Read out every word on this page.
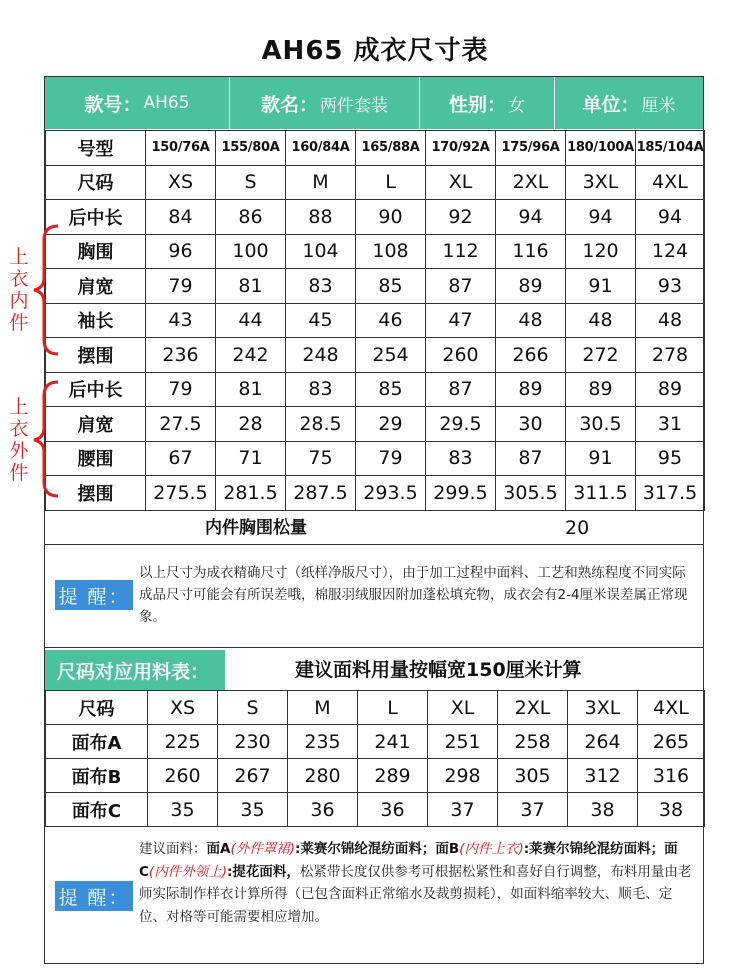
AH65 成衣尺寸表
款号： AH65	款名： 两件套装	性别： 女	单位： 厘米
号型	150/76A	155/80A	160/84A	165/88A	170/92A	175/96A	180/100A	185/104A
尺码	XS	S	M	L	XL	2XL	3XL	4XL
后中长	84	86	88	90	92	94	94	94
胸围	96	100	104	108	112	116	120	124
肩宽	79	81	83	85	87	89	91	93
袖长	43	44	45	46	47	48	48	48
摆围	236	242	248	254	260	266	272	278
后中长	79	81	83	85	87	89	89	89
肩宽	27.5	28	28.5	29	29.5	30	30.5	31
腰围	67	71	75	79	83	87	91	95
摆围	275.5	281.5	287.5	293.5	299.5	305.5	311.5	317.5
上衣内件
上衣外件
内件胸围松量	20
提 醒：
以上尺寸为成衣精确尺寸（纸样净版尺寸），由于加工过程中面料、工艺和熟练程度不同实际成品尺寸可能会有所误差哦，棉服羽绒服因附加蓬松填充物，成衣会有2-4厘米误差属正常现象。
尺码对应用料表：	建议面料用量按幅宽150厘米计算
尺码	XS	S	M	L	XL	2XL	3XL	4XL
面布A	225	230	235	241	251	258	264	265
面布B	260	267	280	289	298	305	312	316
面布C	35	35	36	36	37	37	38	38
提 醒：
建议面料：面A(外件罩裙):莱赛尔锦纶混纺面料；面B(内件上衣):莱赛尔锦纶混纺面料；面C(内件外领上):提花面料，松紧带长度仅供参考可根据松紧性和喜好自行调整，布料用量由老师实际制作样衣计算所得（已包含面料正常缩水及裁剪损耗），如面料缩率较大、顺毛、定位、对格等可能需要相应增加。
